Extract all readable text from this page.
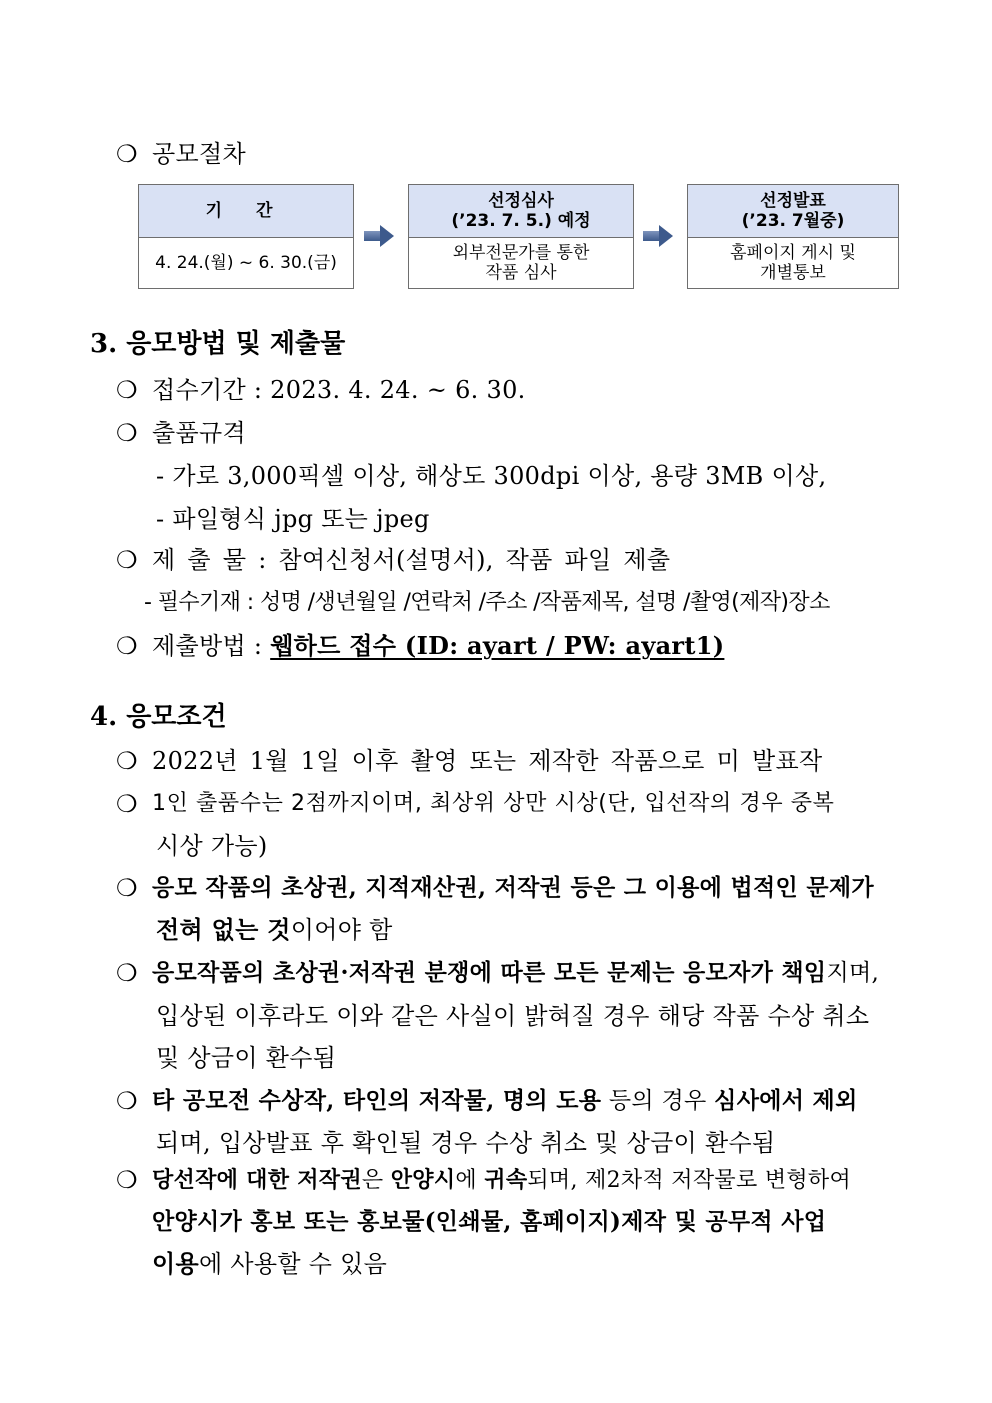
❍ 공모절차
기 간
4. 24.(월) ~ 6. 30.(금)
선정심사
(’23. 7. 5.) 예정
외부전문가를 통한
작품 심사
선정발표
(’23. 7월중)
홈페이지 게시 및
개별통보
3. 응모방법 및 제출물
❍ 접수기간 : 2023. 4. 24. ~ 6. 30.
❍ 출품규격
- 가로 3,000픽셀 이상, 해상도 300dpi 이상, 용량 3MB 이상,
- 파일형식 jpg 또는 jpeg
❍ 제 출 물 : 참여신청서(설명서), 작품 파일 제출
- 필수기재 : 성명 /생년월일 /연락처 /주소 /작품제목, 설명 /촬영(제작)장소
❍ 제출방법 : 웹하드 접수 (ID: ayart / PW: ayart1)
4. 응모조건
❍ 2022년 1월 1일 이후 촬영 또는 제작한 작품으로 미 발표작
❍ 1인 출품수는 2점까지이며, 최상위 상만 시상(단, 입선작의 경우 중복
시상 가능)
❍ 응모 작품의 초상권, 지적재산권, 저작권 등은 그 이용에 법적인 문제가
전혀 없는 것이어야 함
❍ 응모작품의 초상권·저작권 분쟁에 따른 모든 문제는 응모자가 책임지며,
입상된 이후라도 이와 같은 사실이 밝혀질 경우 해당 작품 수상 취소
및 상금이 환수됨
❍ 타 공모전 수상작, 타인의 저작물, 명의 도용 등의 경우 심사에서 제외
되며, 입상발표 후 확인될 경우 수상 취소 및 상금이 환수됨
❍ 당선작에 대한 저작권은 안양시에 귀속되며, 제2차적 저작물로 변형하여
안양시가 홍보 또는 홍보물(인쇄물, 홈페이지)제작 및 공무적 사업
이용에 사용할 수 있음
